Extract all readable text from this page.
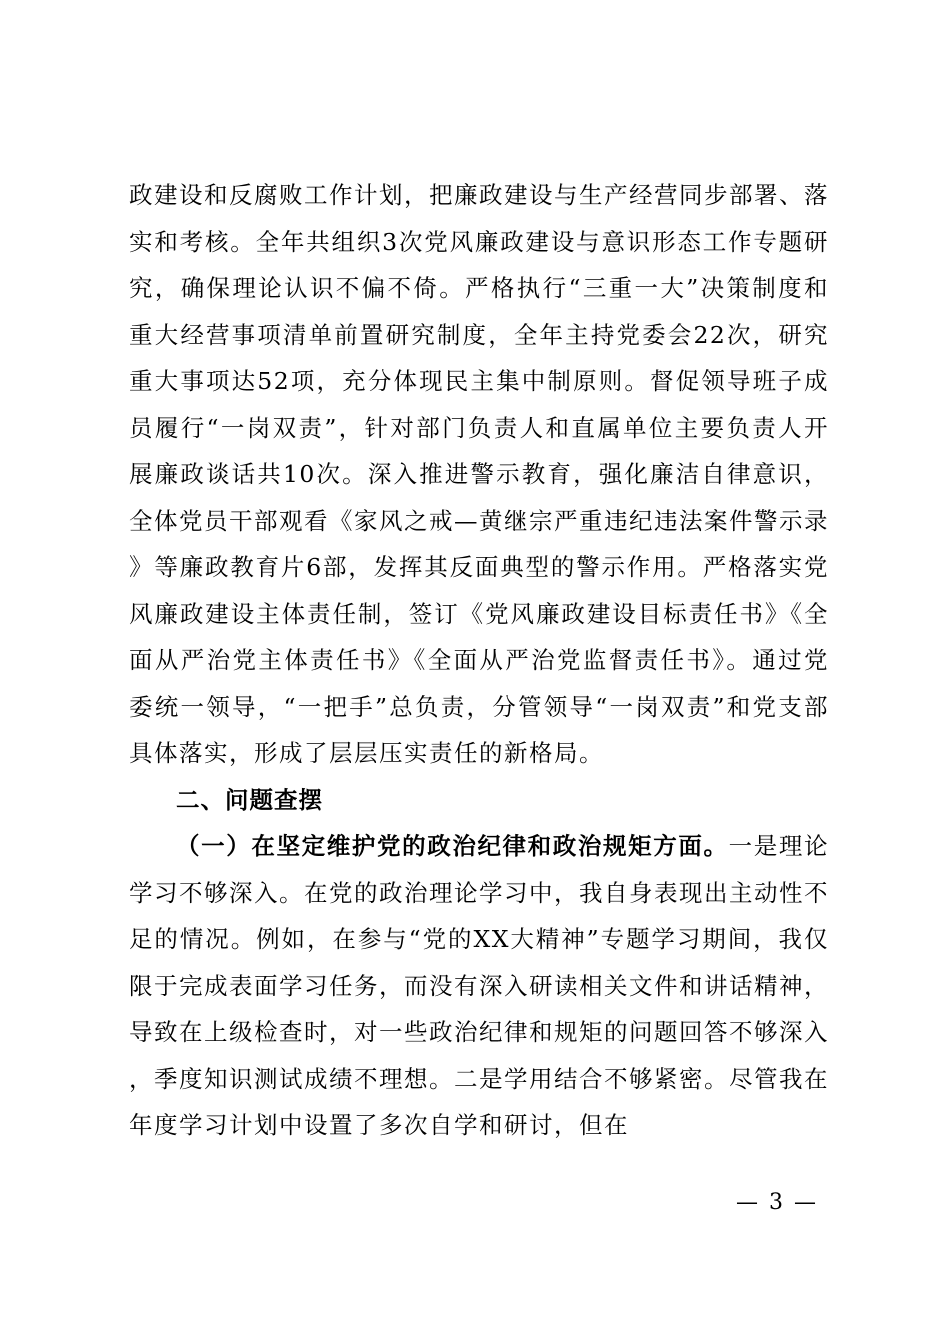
政建设和反腐败工作计划，把廉政建设与生产经营同步部署、落实和考核。全年共组织3次党风廉政建设与意识形态工作专题研究，确保理论认识不偏不倚。严格执行“三重一大”决策制度和重大经营事项清单前置研究制度，全年主持党委会22次，研究重大事项达52项，充分体现民主集中制原则。督促领导班子成员履行“一岗双责”，针对部门负责人和直属单位主要负责人开展廉政谈话共10次。深入推进警示教育，强化廉洁自律意识，全体党员干部观看《家风之戒—黄继宗严重违纪违法案件警示录》等廉政教育片6部，发挥其反面典型的警示作用。严格落实党风廉政建设主体责任制，签订《党风廉政建设目标责任书》《全面从严治党主体责任书》《全面从严治党监督责任书》。通过党委统一领导，“一把手”总负责，分管领导“一岗双责”和党支部具体落实，形成了层层压实责任的新格局。

二、问题查摆

（一）在坚定维护党的政治纪律和政治规矩方面。一是理论学习不够深入。在党的政治理论学习中，我自身表现出主动性不足的情况。例如，在参与“党的XX大精神”专题学习期间，我仅限于完成表面学习任务，而没有深入研读相关文件和讲话精神，导致在上级检查时，对一些政治纪律和规矩的问题回答不够深入，季度知识测试成绩不理想。二是学用结合不够紧密。尽管我在年度学习计划中设置了多次自学和研讨，但在

— 3 —
